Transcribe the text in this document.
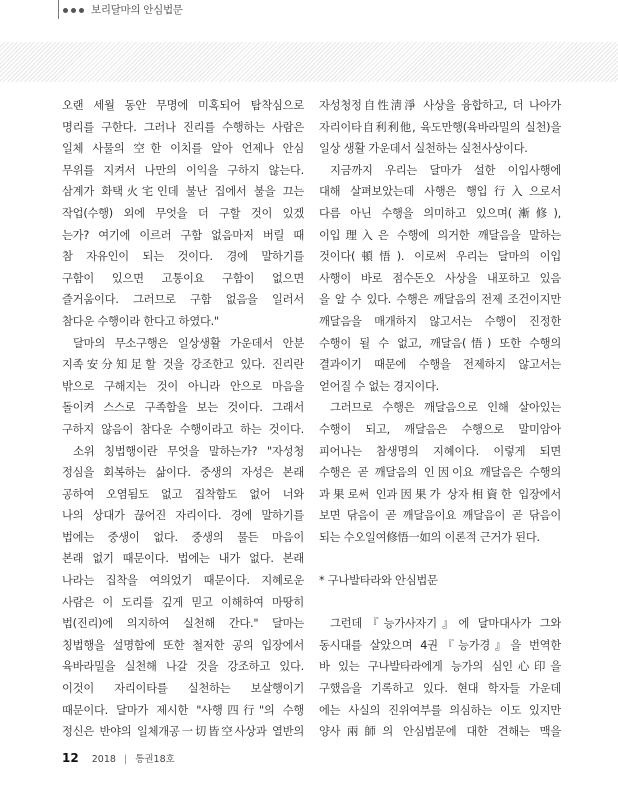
보리달마의 안심법문
오랜 세월 동안 무명에 미혹되어 탐착심으로
명리를 구한다. 그러나 진리를 수행하는 사람은
일체 사물의 空한 이치를 알아 언제나 안심
무위를 지켜서 나만의 이익을 구하지 않는다.
삼계가 화택火宅인데 불난 집에서 불을 끄는
작업(수행) 외에 무엇을 더 구할 것이 있겠
는가? 여기에 이르러 구함 없음마저 버릴 때
참 자유인이 되는 것이다. 경에 말하기를
구함이 있으면 고통이요 구함이 없으면
즐거움이다. 그러므로 구함 없음을 일러서
참다운 수행이라 한다고 하였다."
달마의 무소구행은 일상생활 가운데서 안분
지족安分知足할 것을 강조한고 있다. 진리란
밖으로 구해지는 것이 아니라 안으로 마음을
돌이켜 스스로 구족함을 보는 것이다. 그래서
구하지 않음이 참다운 수행이라고 하는 것이다.
소위 칭법행이란 무엇을 말하는가? "자성청
정심을 회복하는 삶이다. 중생의 자성은 본래
공하여 오염됨도 없고 집착함도 없어 너와
나의 상대가 끊어진 자리이다. 경에 말하기를
법에는 중생이 없다. 중생의 물든 마음이
본래 없기 때문이다. 법에는 내가 없다. 본래
나라는 집착을 여의었기 때문이다. 지혜로운
사람은 이 도리를 깊게 믿고 이해하여 마땅히
법(진리)에 의지하여 실천해 간다." 달마는
칭법행을 설명함에 또한 철저한 공의 입장에서
육바라밀을 실천해 나갈 것을 강조하고 있다.
이것이 자리이타를 실천하는 보살행이기
때문이다. 달마가 제시한 "사행四行"의 수행
정신은 반야의 일체개공一切皆空사상과 열반의
자성청정自性淸淨 사상을 융합하고, 더 나아가
자리이타自利利他, 육도만행(육바라밀의 실천)을
일상 생활 가운데서 실천하는 실천사상이다.
지금까지 우리는 달마가 설한 이입사행에
대해 살펴보았는데 사행은 행입行入으로서
다름 아닌 수행을 의미하고 있으며(漸修),
이입理入은 수행에 의거한 깨달음을 말하는
것이다(頓悟). 이로써 우리는 달마의 이입
사행이 바로 점수돈오 사상을 내포하고 있음
을 알 수 있다. 수행은 깨달음의 전제 조건이지만
깨달음을 매개하지 않고서는 수행이 진정한
수행이 될 수 없고, 깨달음(悟) 또한 수행의
결과이기 때문에 수행을 전제하지 않고서는
얻어질 수 없는 경지이다.
그러므로 수행은 깨달음으로 인해 살아있는
수행이 되고, 깨달음은 수행으로 말미암아
피어나는 참생명의 지혜이다. 이렇게 되면
수행은 곧 깨달음의 인因이요 깨달음은 수행의
과果로써 인과因果가 상자相資한 입장에서
보면 닦음이 곧 깨달음이요 깨달음이 곧 닦음이
되는 수오일여修悟一如의 이론적 근거가 된다.
* 구나발타라와 안심법문
그런데『능가사자기』에 달마대사가 그와
동시대를 살았으며 4권『능가경』을 번역한
바 있는 구나발타라에게 능가의 심인心印을
구했음을 기록하고 있다. 현대 학자들 가운데
에는 사실의 진위여부를 의심하는 이도 있지만
양사兩師의 안심법문에 대한 견해는 맥을
12 2018 | 통권18호
